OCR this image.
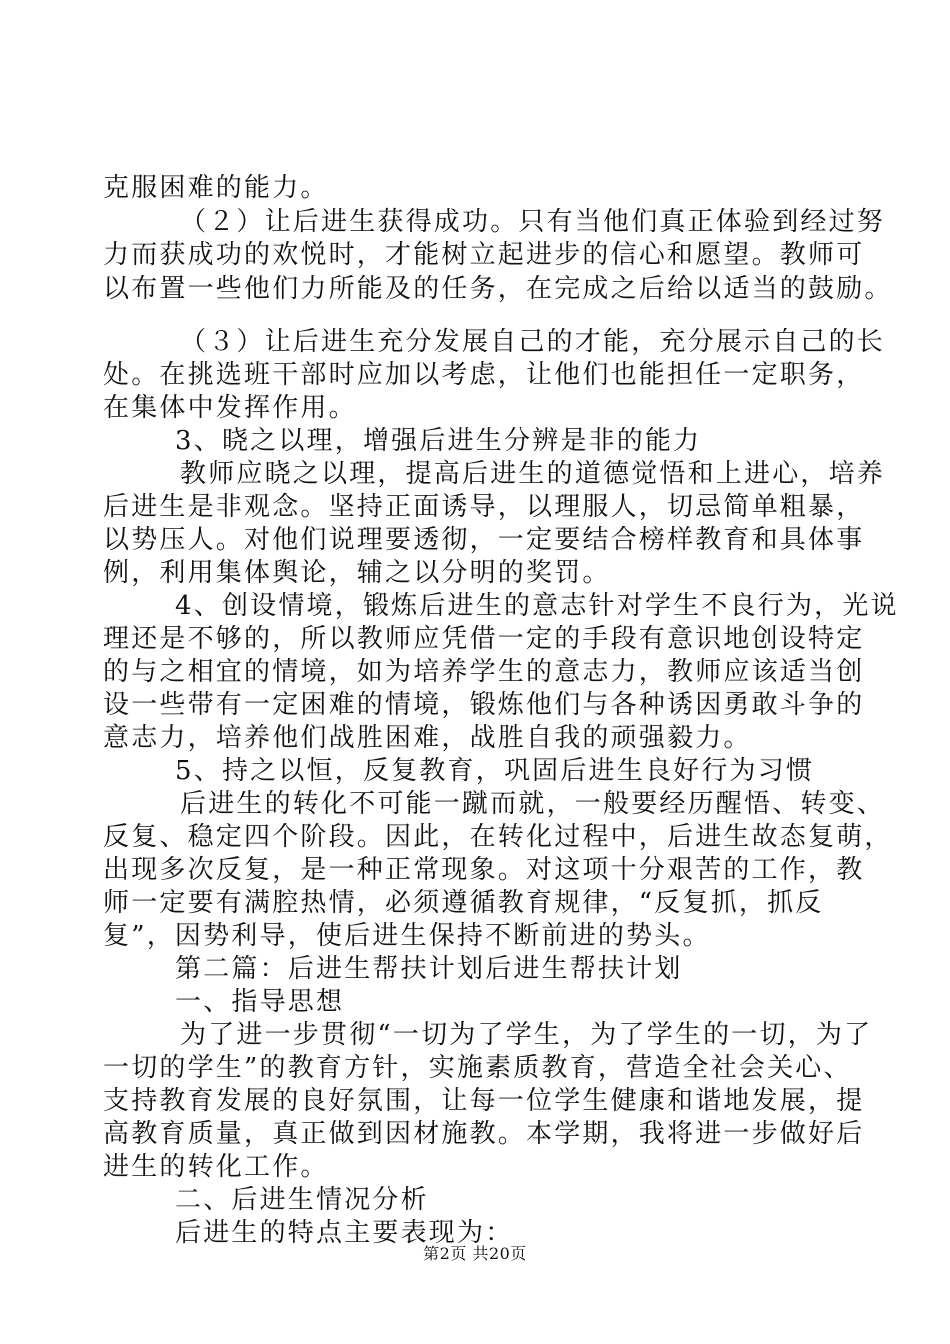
克服困难的能力。
（２）让后进生获得成功。只有当他们真正体验到经过努
力而获成功的欢悦时，才能树立起进步的信心和愿望。教师可
以布置一些他们力所能及的任务，在完成之后给以适当的鼓励。
（３）让后进生充分发展自己的才能，充分展示自己的长
处。在挑选班干部时应加以考虑，让他们也能担任一定职务，
在集体中发挥作用。
3、晓之以理，增强后进生分辨是非的能力
教师应晓之以理，提高后进生的道德觉悟和上进心，培养
后进生是非观念。坚持正面诱导，以理服人，切忌简单粗暴，
以势压人。对他们说理要透彻，一定要结合榜样教育和具体事
例，利用集体舆论，辅之以分明的奖罚。
4、创设情境，锻炼后进生的意志针对学生不良行为，光说
理还是不够的，所以教师应凭借一定的手段有意识地创设特定
的与之相宜的情境，如为培养学生的意志力，教师应该适当创
设一些带有一定困难的情境，锻炼他们与各种诱因勇敢斗争的
意志力，培养他们战胜困难，战胜自我的顽强毅力。
5、持之以恒，反复教育，巩固后进生良好行为习惯
后进生的转化不可能一蹴而就，一般要经历醒悟、转变、
反复、稳定四个阶段。因此，在转化过程中，后进生故态复萌，
出现多次反复，是一种正常现象。对这项十分艰苦的工作，教
师一定要有满腔热情，必须遵循教育规律，“反复抓，抓反
复”，因势利导，使后进生保持不断前进的势头。
第二篇：后进生帮扶计划后进生帮扶计划
一、指导思想
为了进一步贯彻“一切为了学生，为了学生的一切，为了
一切的学生”的教育方针，实施素质教育，营造全社会关心、
支持教育发展的良好氛围，让每一位学生健康和谐地发展，提
高教育质量，真正做到因材施教。本学期，我将进一步做好后
进生的转化工作。
二、后进生情况分析
后进生的特点主要表现为：
第2页 共20页
